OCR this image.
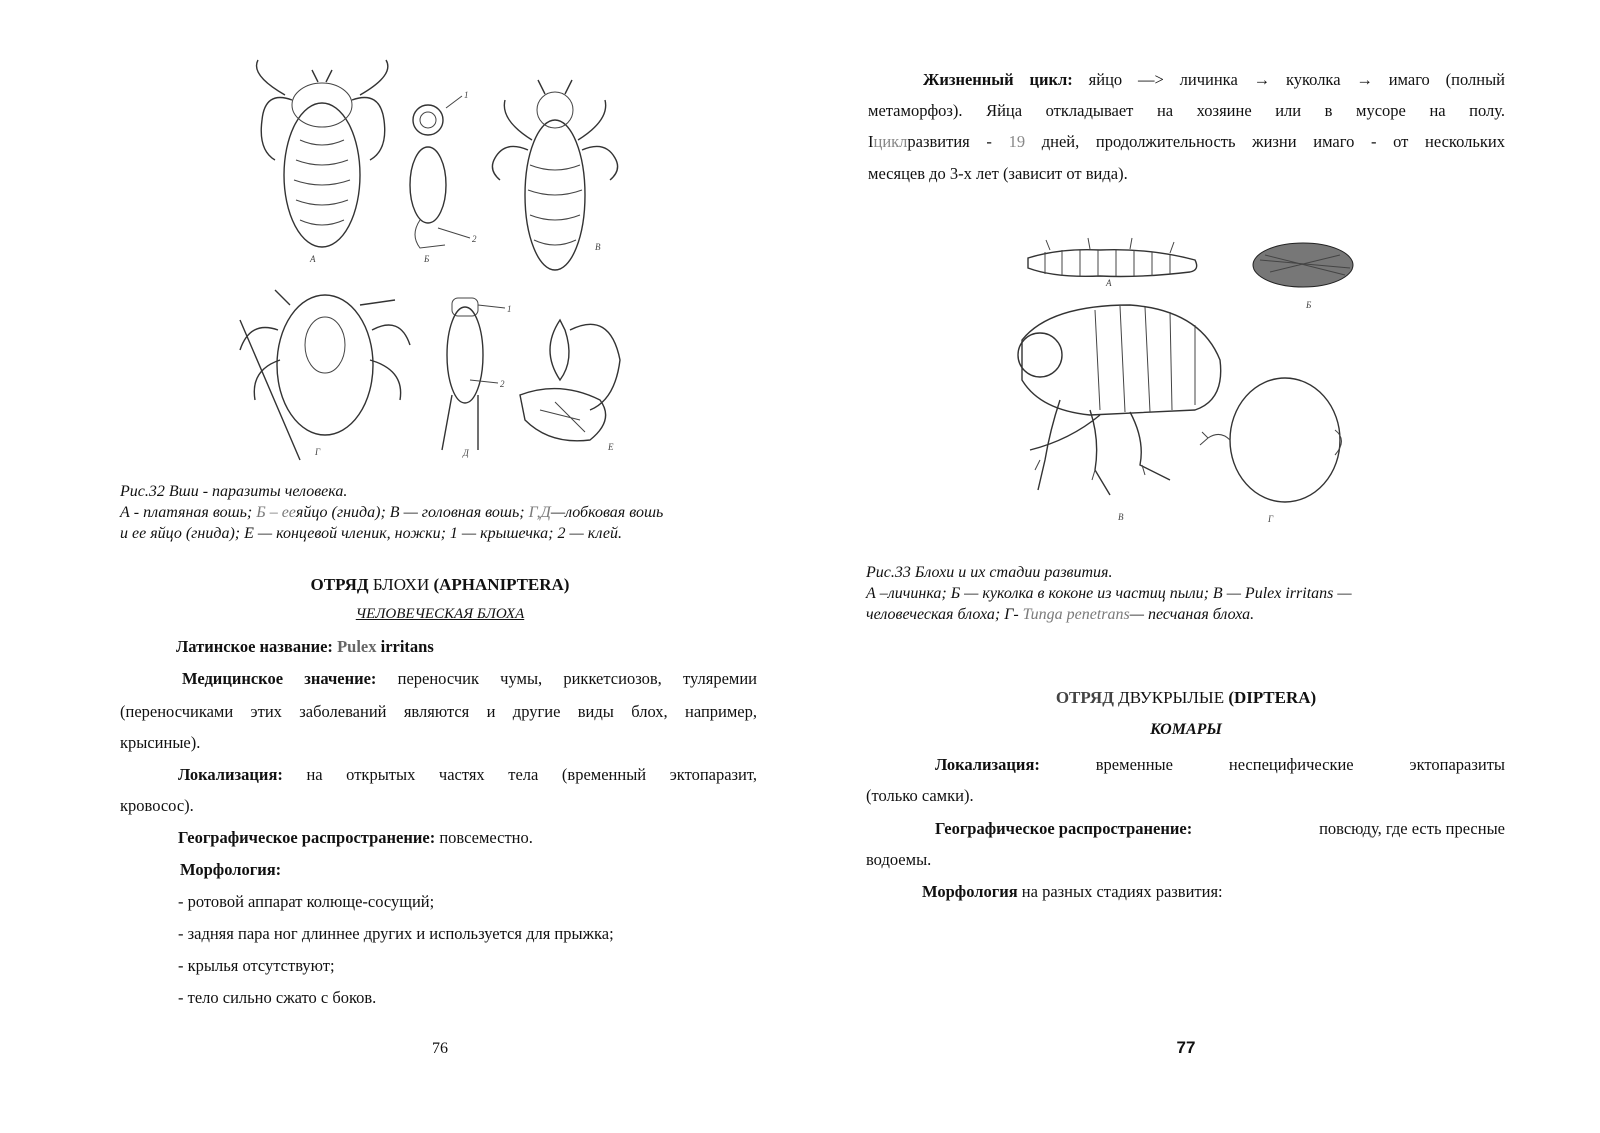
А
1
2
Б
В
Г
1
2
Д
Е
Рис.32 Вши - паразиты человека.
А - платяная вошь; Б – ееяйцо (гнида); В — головная вошь; Г,Д—лобковая вошь
и ее яйцо (гнида); Е — концевой членик, ножки; 1 — крышечка; 2 — клей.
ОТРЯД БЛОХИ (APHANIPTERA)
ЧЕЛОВЕЧЕСКАЯ БЛОХА
Латинское название: Pulex irritans
Медицинское значение: переносчик чумы, риккетсиозов, туляремии
(переносчиками этих заболеваний являются и другие виды блох, например,
крысиные).
Локализация: на открытых частях тела (временный эктопаразит,
кровосос).
Географическое распространение: повсеместно.
Морфология:
- ротовой аппарат колюще-сосущий;
- задняя пара ног длиннее других и используется для прыжка;
- крылья отсутствуют;
- тело сильно сжато с боков.
76
Жизненный цикл: яйцо —> личинка → куколка → имаго (полный
метаморфоз). Яйца откладывает на хозяине или в мусоре на полу.
Iциклразвития - 19 дней, продолжительность жизни имаго - от нескольких
месяцев до 3-х лет (зависит от вида).
А
Б
В	Г
Рис.33 Блохи и их стадии развития.
А –личинка; Б — куколка в коконе из частиц пыли; В — Pulex irritans —
человеческая блоха; Г- Tunga penetrans— песчаная блоха.
ОТРЯД ДВУКРЫЛЫЕ (DIPTERA)
КОМАРЫ
Локализация:	временные	неспецифические	эктопаразиты
(только самки).
Географическое распространение:	повсюду, где есть пресные
водоемы.
Морфология на разных стадиях развития:
77
